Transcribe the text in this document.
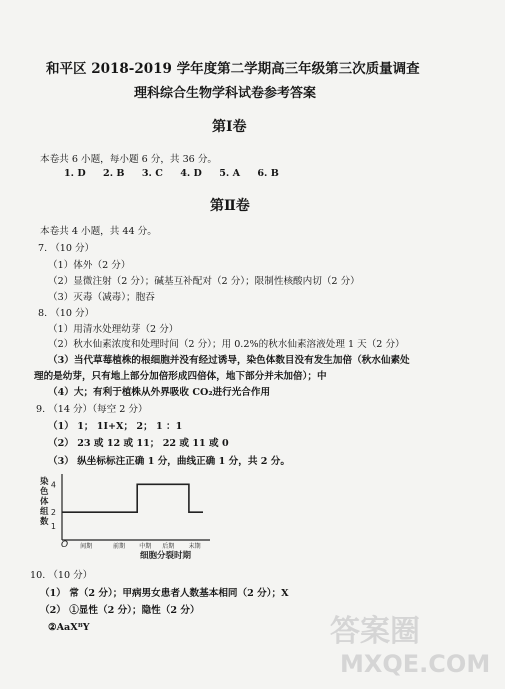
和平区 2018-2019 学年度第二学期高三年级第三次质量调查
理科综合生物学科试卷参考答案
第Ⅰ卷
本卷共 6 小题，每小题 6 分，共 36 分。
1. D 2. B 3. C 4. D 5. A 6. B
第Ⅱ卷
本卷共 4 小题，共 44 分。
7. （10 分）
（1）体外（2 分）
（2）显微注射（2 分）；碱基互补配对（2 分）；限制性核酸内切（2 分）
（3）灭毒（减毒）；胞吞
8. （10 分）
（1）用清水处理幼芽（2 分）
（2）秋水仙素浓度和处理时间（2 分）；用 0.2%的秋水仙素溶液处理 1 天（2 分）
（3）当代草莓植株的根细胞并没有经过诱导，染色体数目没有发生加倍（秋水仙素处
理的是幼芽，只有地上部分加倍形成四倍体，地下部分并未加倍）；中
（4）大；有利于植株从外界吸收 CO₂进行光合作用
9. （14 分）（每空 2 分）
（1） 1； 1I+X； 2； 1 ：1
（2） 23 或 12 或 11； 22 或 11 或 0
（3） 纵坐标标注正确 1 分，曲线正确 1 分，共 2 分。
染色体组数
O
细胞分裂时期
4
2
1
间期	前期 中期 后期 末期
10. （10 分）
（1） 常（2 分）；甲病男女患者人数基本相同（2 分）；X
（2） ①显性（2 分）；隐性（2 分）
②AaXᴮY	答案圈
MXQE.COM
